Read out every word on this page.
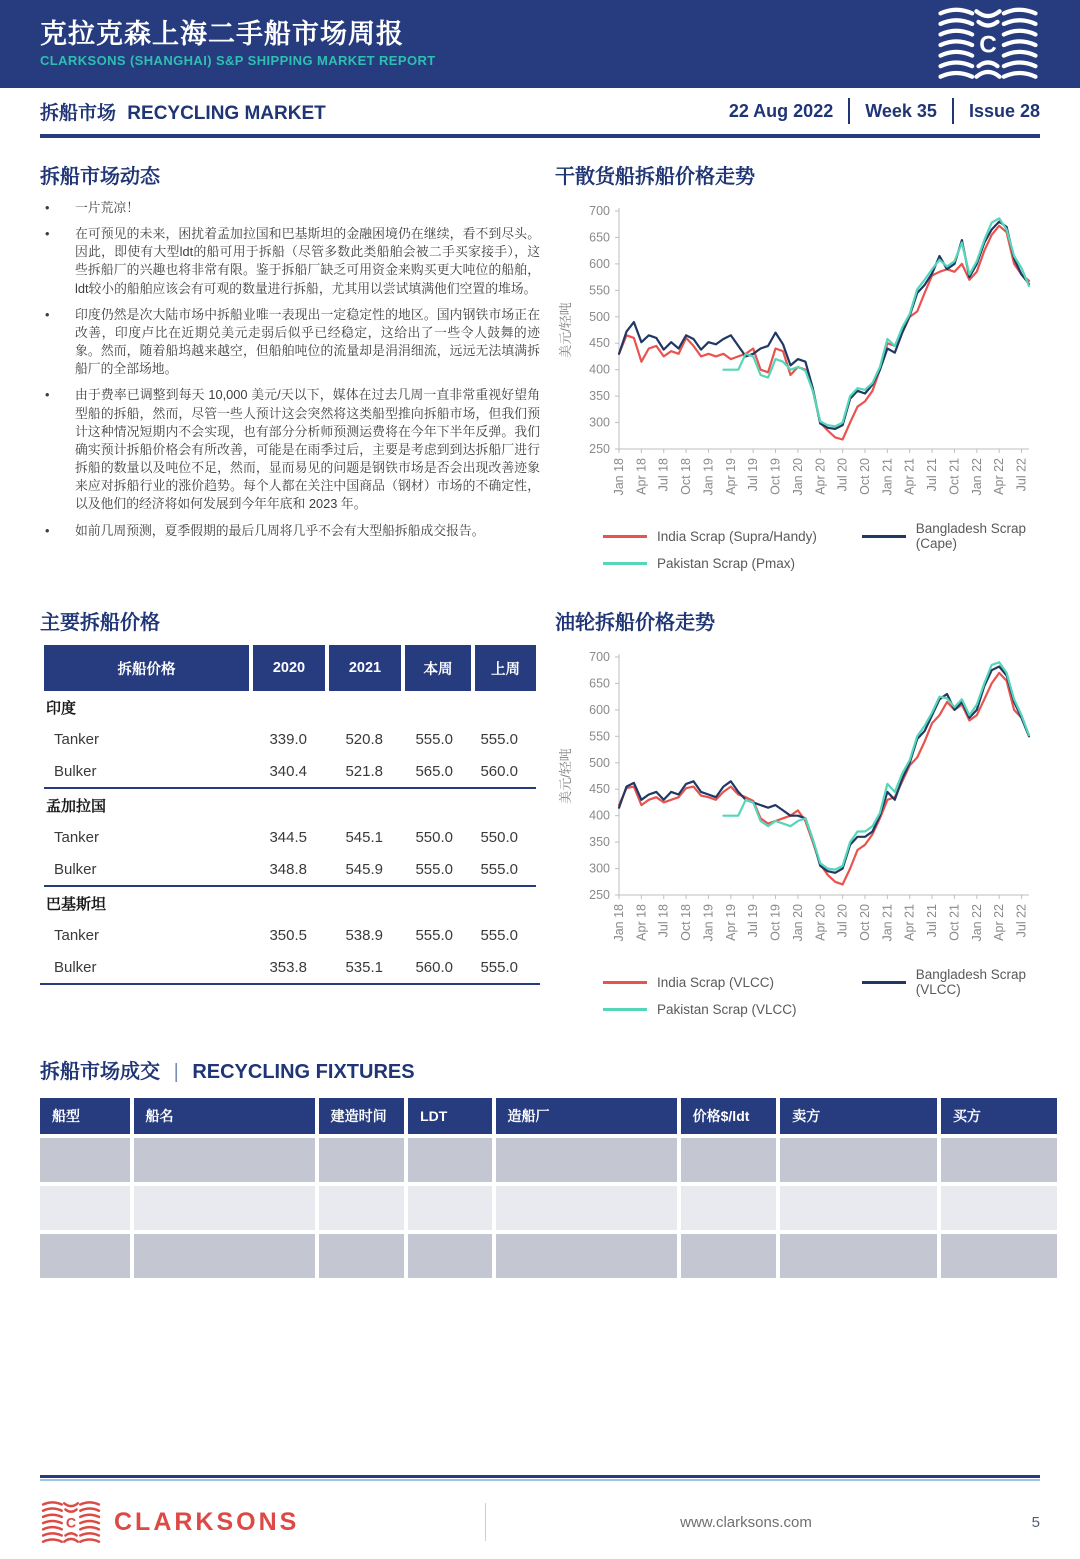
克拉克森上海二手船市场周报
CLARKSONS (SHANGHAI) S&P SHIPPING MARKET REPORT
C
拆船市场 RECYCLING MARKET	22 Aug 2022 Week 35 Issue 28
拆船市场动态
•	一片荒凉！
•	在可预见的未来，困扰着孟加拉国和巴基斯坦的金融困境仍在继续，看不到尽头。因此，即使有大型ldt的船可用于拆船（尽管多数此类船舶会被二手买家接手），这些拆船厂的兴趣也将非常有限。鉴于拆船厂缺乏可用资金来购买更大吨位的船舶，ldt较小的船舶应该会有可观的数量进行拆船，尤其用以尝试填满他们空置的堆场。
•	印度仍然是次大陆市场中拆船业唯一表现出一定稳定性的地区。国内钢铁市场正在改善，印度卢比在近期兑美元走弱后似乎已经稳定，这给出了一些令人鼓舞的迹象。然而，随着船坞越来越空，但船舶吨位的流量却是涓涓细流，远远无法填满拆船厂的全部场地。
•	由于费率已调整到每天 10,000 美元/天以下，媒体在过去几周一直非常重视好望角型船的拆船，然而，尽管一些人预计这会突然将这类船型推向拆船市场，但我们预计这种情况短期内不会实现，也有部分分析师预测运费将在今年下半年反弹。我们确实预计拆船价格会有所改善，可能是在雨季过后，主要是考虑到到达拆船厂进行拆船的数量以及吨位不足，然而，显而易见的问题是钢铁市场是否会出现改善迹象来应对拆船行业的涨价趋势。每个人都在关注中国商品（钢材）市场的不确定性，以及他们的经济将如何发展到今年年底和 2023 年。
•	如前几周预测，夏季假期的最后几周将几乎不会有大型船拆船成交报告。
干散货船拆船价格走势
250
300
350
400
450
500
550
600
650
700
美元/轻吨
Jan 18 Apr 18 Jul 18 Oct 18 Jan 19 Apr 19 Jul 19 Oct 19 Jan 20 Apr 20 Jul 20 Oct 20 Jan 21 Apr 21 Jul 21 Oct 21 Jan 22 Apr 22 Jul 22
India Scrap (Supra/Handy)	Bangladesh Scrap (Cape)
Pakistan Scrap (Pmax)
主要拆船价格
拆船价格	2020	2021	本周	上周
印度				
Tanker	339.0	520.8	555.0	555.0
Bulker	340.4	521.8	565.0	560.0
孟加拉国				
Tanker	344.5	545.1	550.0	550.0
Bulker	348.8	545.9	555.0	555.0
巴基斯坦				
Tanker	350.5	538.9	555.0	555.0
Bulker	353.8	535.1	560.0	555.0
油轮拆船价格走势
250
300
350
400
450
500
550
600
650
700
美元/轻吨
Jan 18 Apr 18 Jul 18 Oct 18 Jan 19 Apr 19 Jul 19 Oct 19 Jan 20 Apr 20 Jul 20 Oct 20 Jan 21 Apr 21 Jul 21 Oct 21 Jan 22 Apr 22 Jul 22
India Scrap (VLCC)	Bangladesh Scrap (VLCC)
Pakistan Scrap (VLCC)
拆船市场成交 | RECYCLING FIXTURES
船型	船名	建造时间	LDT	造船厂	价格$/ldt	卖方	买方

C CLARKSONS	www.clarksons.com	5
